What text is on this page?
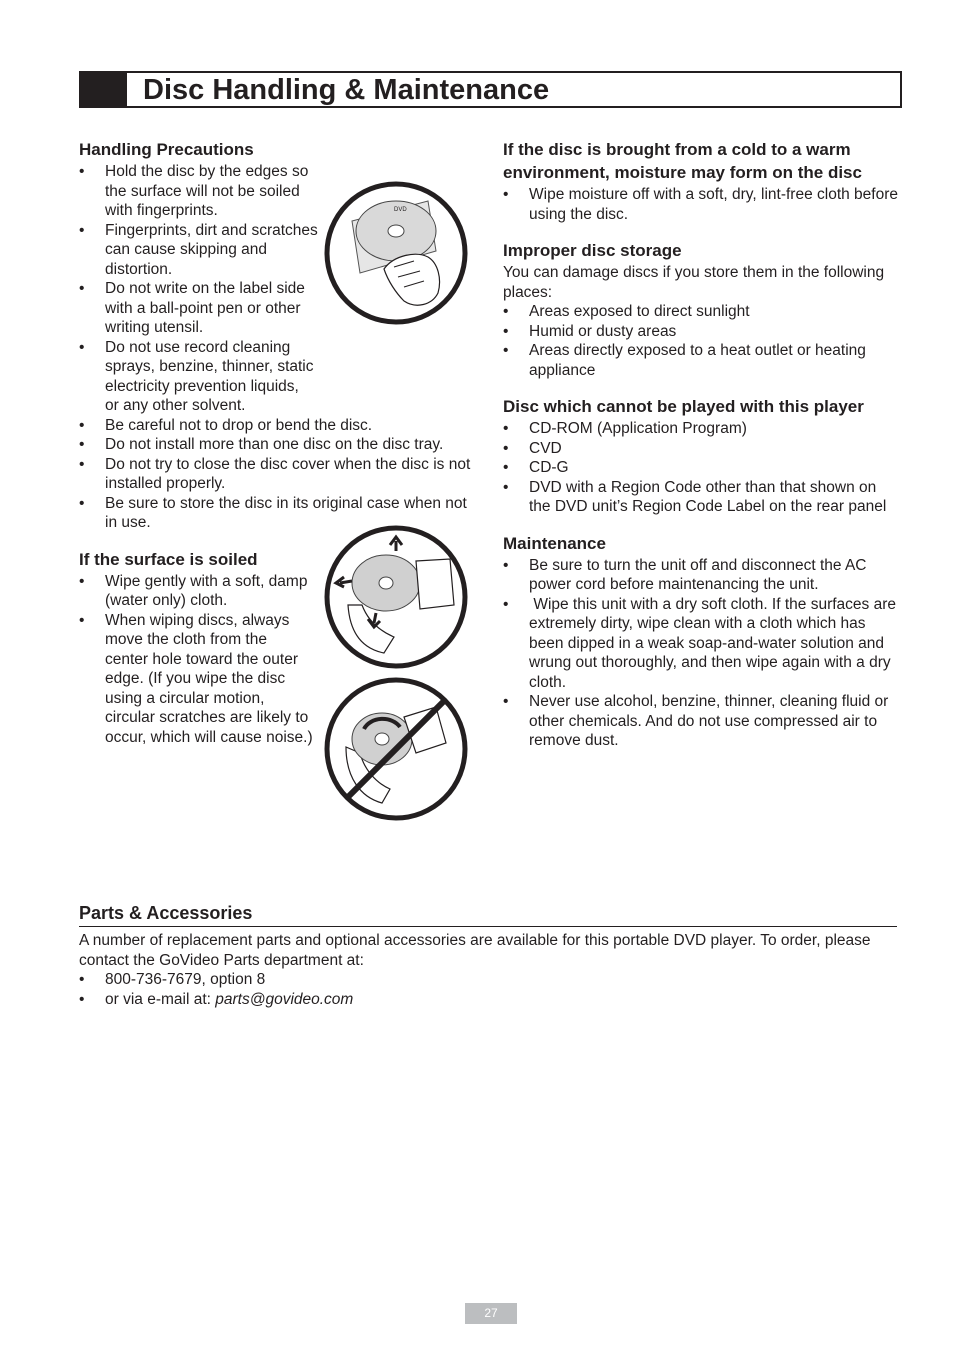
Disc Handling & Maintenance
Handling Precautions
• Hold the disc by the edges so the surface will not be soiled with fingerprints.
• Fingerprints, dirt and scratches can cause skipping and distortion.
• Do not write on the label side with a ball-point pen or other writing utensil.
• Do not use record cleaning sprays, benzine, thinner, static electricity prevention liquids, or any other solvent.
• Be careful not to drop or bend the disc.
• Do not install more than one disc on the disc tray.
• Do not try to close the disc cover when the disc is not installed properly.
• Be sure to store the disc in its original case when not in use.
If the surface is soiled
• Wipe gently with a soft, damp (water only) cloth.
• When wiping discs, always move the cloth from the center hole toward the outer edge. (If you wipe the disc using a circular motion, circular scratches are likely to occur, which will cause noise.)
DVD
If the disc is brought from a cold to a warm environment, moisture may form on the disc
• Wipe moisture off with a soft, dry, lint-free cloth before using the disc.
Improper disc storage

You can damage discs if you store them in the following places:

• Areas exposed to direct sunlight
• Humid or dusty areas
• Areas directly exposed to a heat outlet or heating appliance
Disc which cannot be played with this player
• CD-ROM (Application Program)
• CVD
• CD-G
• DVD with a Region Code other than that shown on the DVD unit’s Region Code Label on the rear panel
Maintenance
• Be sure to turn the unit off and disconnect the AC power cord before maintenancing the unit.
•  Wipe this unit with a dry soft cloth. If the surfaces are extremely dirty, wipe clean with a cloth which has been dipped in a weak soap-and-water solution and wrung out thoroughly, and then wipe again with a dry cloth.
• Never use alcohol, benzine, thinner, cleaning fluid or other chemicals. And do not use compressed air to remove dust.
Parts & Accessories

A number of replacement parts and optional accessories are available for this portable DVD player. To order, please contact the GoVideo Parts department at:

• 800-736-7679, option 8
• or via e-mail at: parts@govideo.com
27
